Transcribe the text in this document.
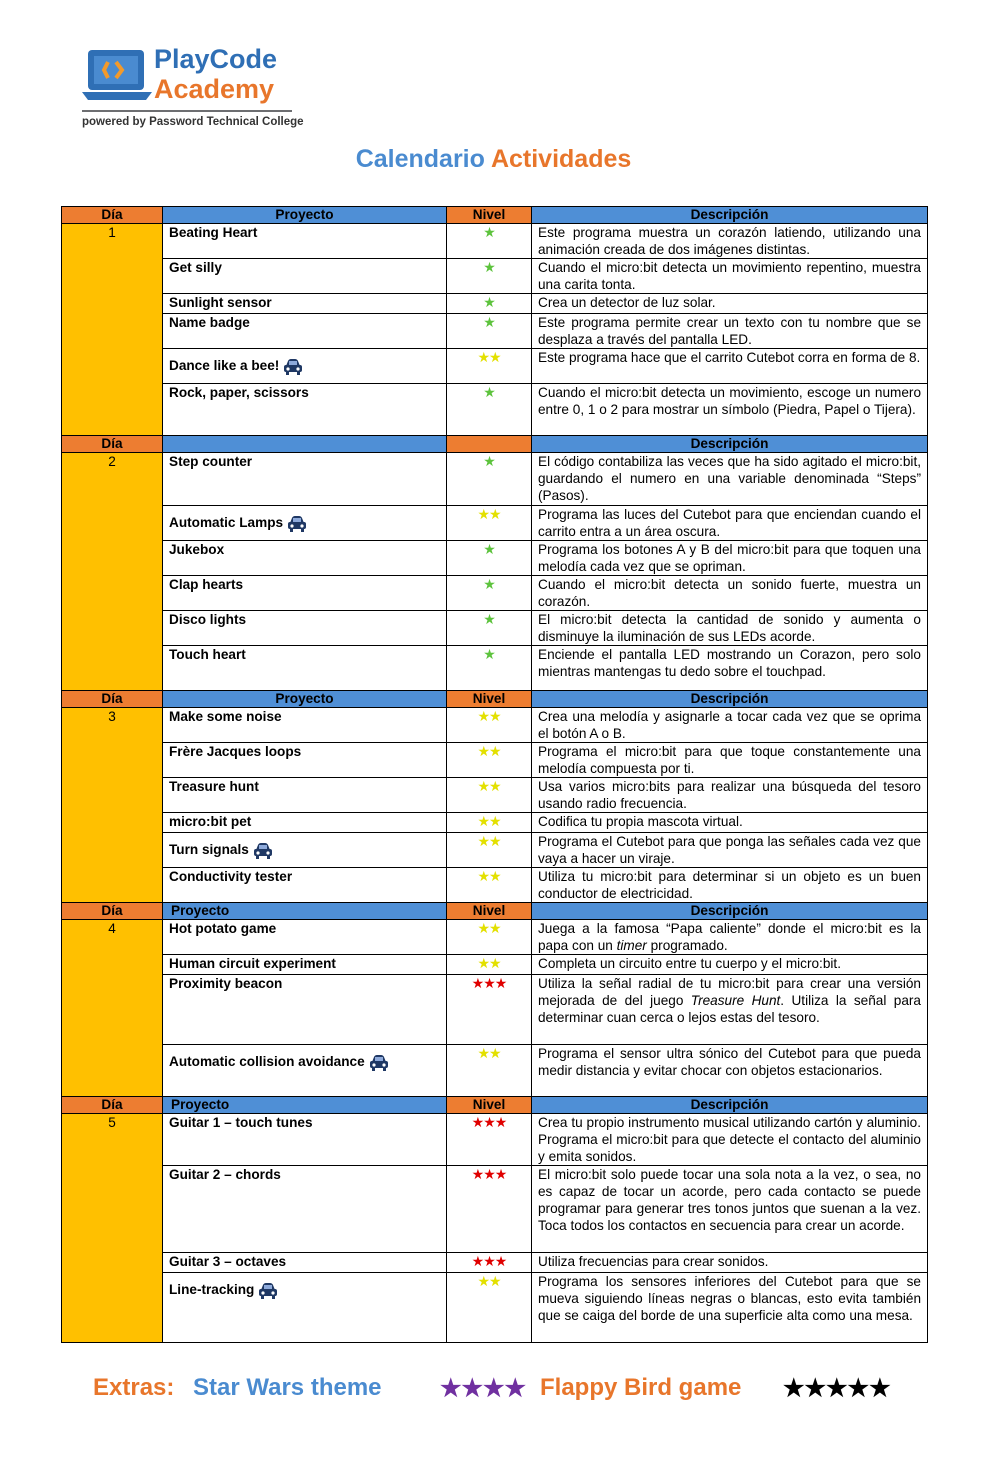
PlayCode
Academy
powered by Password Technical College
Calendario Actividades
Día	Proyecto	Nivel	Descripción
1	Beating Heart	★	Este programa muestra un corazón latiendo, utilizando una animación creada de dos imágenes distintas.
	Get silly	★	Cuando el micro:bit detecta un movimiento repentino, muestra una carita tonta.
	Sunlight sensor	★	Crea un detector de luz solar.
	Name badge	★	Este programa permite crear un texto con tu nombre que se desplaza a través del pantalla LED.
	Dance like a bee!	★★	Este programa hace que el carrito Cutebot corra en forma de 8.
	Rock, paper, scissors	★	Cuando el micro:bit detecta un movimiento, escoge un numero entre 0, 1 o 2 para mostrar un símbolo (Piedra, Papel o Tijera).
Día			Descripción
2	Step counter	★	El código contabiliza las veces que ha sido agitado el micro:bit, guardando el numero en una variable denominada “Steps” (Pasos).
	Automatic Lamps	★★	Programa las luces del Cutebot para que enciendan cuando el carrito entra a un área oscura.
	Jukebox	★	Programa los botones A y B del micro:bit para que toquen una melodía cada vez que se opriman.
	Clap hearts	★	Cuando el micro:bit detecta un sonido fuerte, muestra un corazón.
	Disco lights	★	El micro:bit detecta la cantidad de sonido y aumenta o disminuye la iluminación de sus LEDs acorde.
	Touch heart	★	Enciende el pantalla LED mostrando un Corazon, pero solo mientras mantengas tu dedo sobre el touchpad.
Día	Proyecto	Nivel	Descripción
3	Make some noise	★★	Crea una melodía y asignarle a tocar cada vez que se oprima el botón A o B.
	Frère Jacques loops	★★	Programa el micro:bit para que toque constantemente una melodía compuesta por ti.
	Treasure hunt	★★	Usa varios micro:bits para realizar una búsqueda del tesoro usando radio frecuencia.
	micro:bit pet	★★	Codifica tu propia mascota virtual.
	Turn signals	★★	Programa el Cutebot para que ponga las señales cada vez que vaya a hacer un viraje.
	Conductivity tester	★★	Utiliza tu micro:bit para determinar si un objeto es un buen conductor de electricidad.
Día	Proyecto	Nivel	Descripción
4	Hot potato game	★★	Juega a la famosa “Papa caliente” donde el micro:bit es la papa con un timer programado.
	Human circuit experiment	★★	Completa un circuito entre tu cuerpo y el micro:bit.
	Proximity beacon	★★★	Utiliza la señal radial de tu micro:bit para crear una versión mejorada de del juego Treasure Hunt. Utiliza la señal para determinar cuan cerca o lejos estas del tesoro.
	Automatic collision avoidance	★★	Programa el sensor ultra sónico del Cutebot para que pueda medir distancia y evitar chocar con objetos estacionarios.
Día	Proyecto	Nivel	Descripción
5	Guitar 1 – touch tunes	★★★	Crea tu propio instrumento musical utilizando cartón y aluminio. Programa el micro:bit para que detecte el contacto del aluminio y emita sonidos.
	Guitar 2 – chords	★★★	El micro:bit solo puede tocar una sola nota a la vez, o sea, no es capaz de tocar un acorde, pero cada contacto se puede programar para generar tres tonos juntos que suenan a la vez. Toca todos los contactos en secuencia para crear un acorde.
	Guitar 3 – octaves	★★★	Utiliza frecuencias para crear sonidos.
	Line-tracking	★★	Programa los sensores inferiores del Cutebot para que se mueva siguiendo líneas negras o blancas, esto evita también que se caiga del borde de una superficie alta como una mesa.
Extras: Star Wars theme ★★★★ Flappy Bird game ★★★★★
